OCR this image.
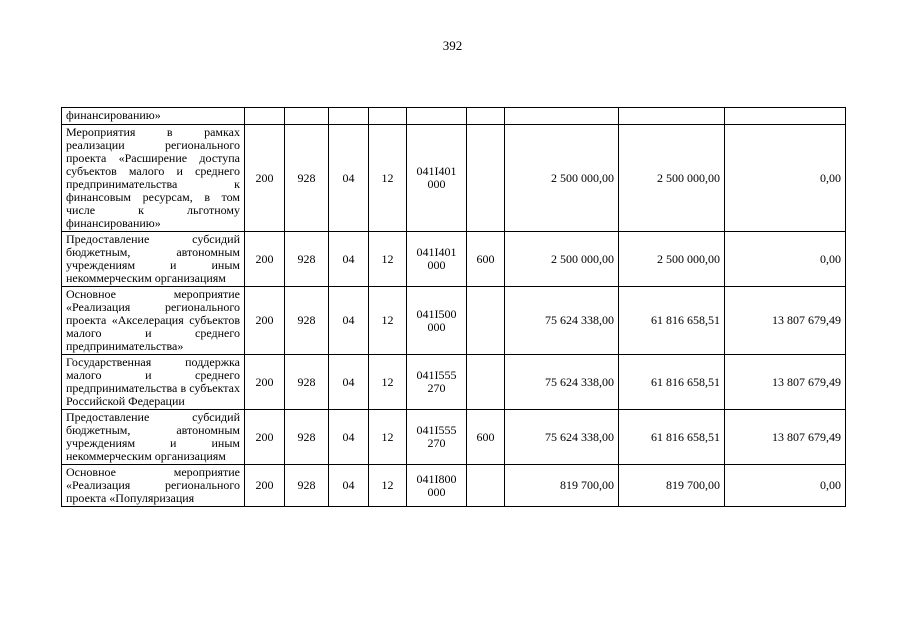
392
финансированию»									
Мероприятия в рамках реализации регионального проекта «Расширение доступа субъектов малого и среднего предпринимательства к финансовым ресурсам, в том числе к льготному финансированию»	200	928	04	12	041I401 000		2 500 000,00	2 500 000,00	0,00
Предоставление субсидий бюджетным, автономным учреждениям и иным некоммерческим организациям	200	928	04	12	041I401 000	600	2 500 000,00	2 500 000,00	0,00
Основное мероприятие «Реализация регионального проекта «Акселерация субъектов малого и среднего предпринимательства»	200	928	04	12	041I500 000		75 624 338,00	61 816 658,51	13 807 679,49
Государственная поддержка малого и среднего предпринимательства в субъектах Российской Федерации	200	928	04	12	041I555 270		75 624 338,00	61 816 658,51	13 807 679,49
Предоставление субсидий бюджетным, автономным учреждениям и иным некоммерческим организациям	200	928	04	12	041I555 270	600	75 624 338,00	61 816 658,51	13 807 679,49
Основное мероприятие «Реализация регионального проекта «Популяризация	200	928	04	12	041I800 000		819 700,00	819 700,00	0,00
